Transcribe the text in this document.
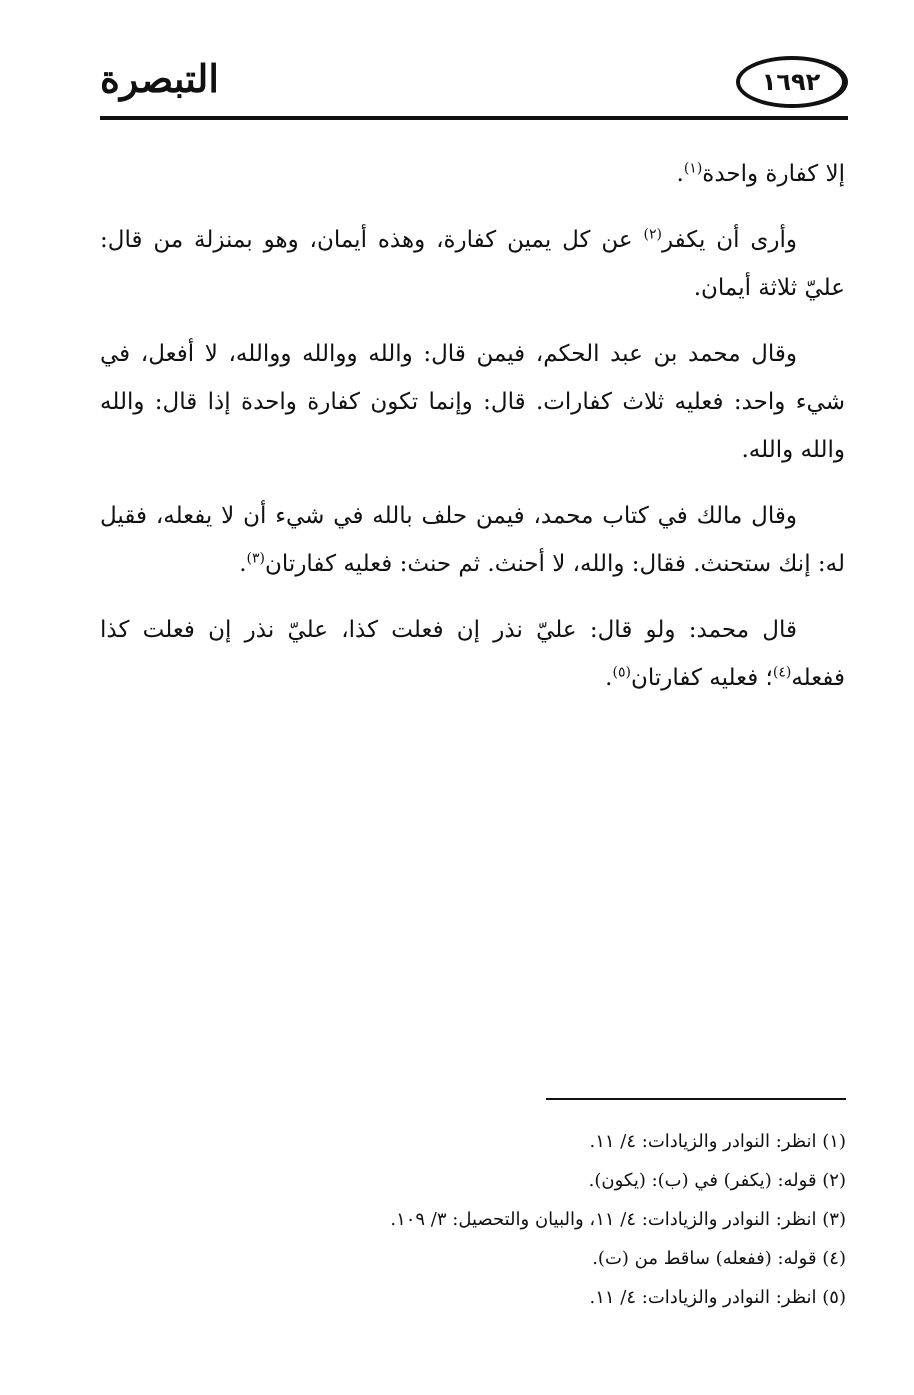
التبصرة	١٦٩٢

إلا كفارة واحدة$^{(١)}$.

وأرى أن يكفر$^{(٢)}$ عن كل يمين كفارة، وهذه أيمان، وهو بمنزلة من قال: عليّ ثلاثة أيمان.

وقال محمد بن عبد الحكم، فيمن قال: والله ووالله ووالله، لا أفعل، في شيء واحد: فعليه ثلاث كفارات. قال: وإنما تكون كفارة واحدة إذا قال: والله والله والله.

وقال مالك في كتاب محمد، فيمن حلف بالله في شيء أن لا يفعله، فقيل له: إنك ستحنث. فقال: والله، لا أحنث. ثم حنث: فعليه كفارتان$^{(٣)}$.

قال محمد: ولو قال: عليّ نذر إن فعلت كذا، عليّ نذر إن فعلت كذا ففعله$^{(٤)}$؛ فعليه كفارتان$^{(٥)}$.

(١) انظر: النوادر والزيادات: ٤/ ١١.

(٢) قوله: (يكفر) في (ب): (يكون).

(٣) انظر: النوادر والزيادات: ٤/ ١١، والبيان والتحصيل: ٣/ ١٠٩.

(٤) قوله: (ففعله) ساقط من (ت).

(٥) انظر: النوادر والزيادات: ٤/ ١١.
